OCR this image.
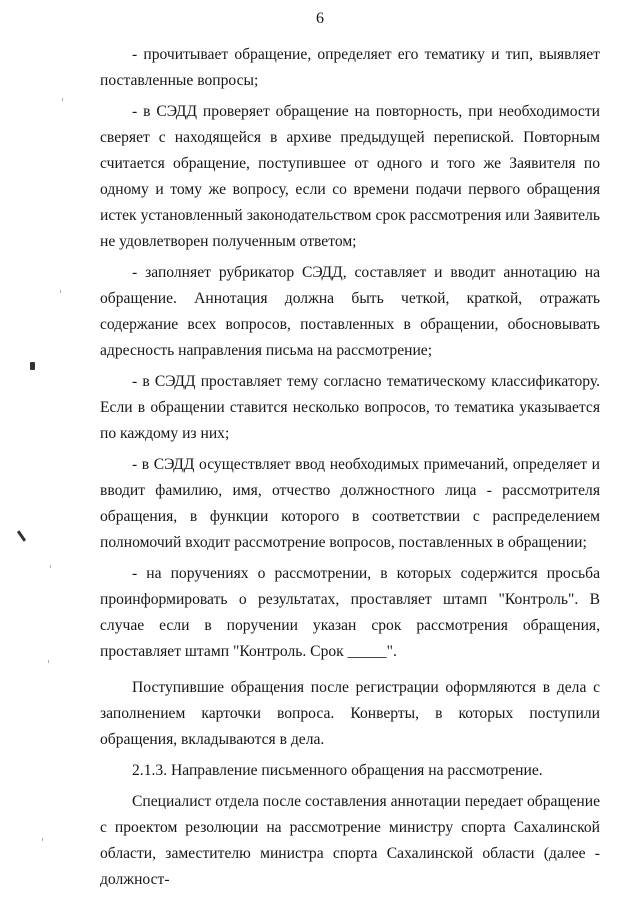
6

- прочитывает обращение, определяет его тематику и тип, выявляет поставленные вопросы;

- в СЭДД проверяет обращение на повторность, при необходимости сверяет с находящейся в архиве предыдущей перепиской. Повторным считается обращение, поступившее от одного и того же Заявителя по одному и тому же вопросу, если со времени подачи первого обращения истек установленный законодательством срок рассмотрения или Заявитель не удовлетворен полученным ответом;

- заполняет рубрикатор СЭДД, составляет и вводит аннотацию на обращение. Аннотация должна быть четкой, краткой, отражать содержание всех вопросов, поставленных в обращении, обосновывать адресность направления письма на рассмотрение;

- в СЭДД проставляет тему согласно тематическому классификатору. Если в обращении ставится несколько вопросов, то тематика указывается по каждому из них;

- в СЭДД осуществляет ввод необходимых примечаний, определяет и вводит фамилию, имя, отчество должностного лица - рассмотрителя обращения, в функции которого в соответствии с распределением полномочий входит рассмотрение вопросов, поставленных в обращении;

- на поручениях о рассмотрении, в которых содержится просьба проинформировать о результатах, проставляет штамп "Контроль". В случае если в поручении указан срок рассмотрения обращения, проставляет штамп "Контроль. Срок _____".

Поступившие обращения после регистрации оформляются в дела с заполнением карточки вопроса. Конверты, в которых поступили обращения, вкладываются в дела.

2.1.3. Направление письменного обращения на рассмотрение.

Специалист отдела после составления аннотации передает обращение с проектом резолюции на рассмотрение министру спорта Сахалинской области, заместителю министра спорта Сахалинской области (далее - должност-
